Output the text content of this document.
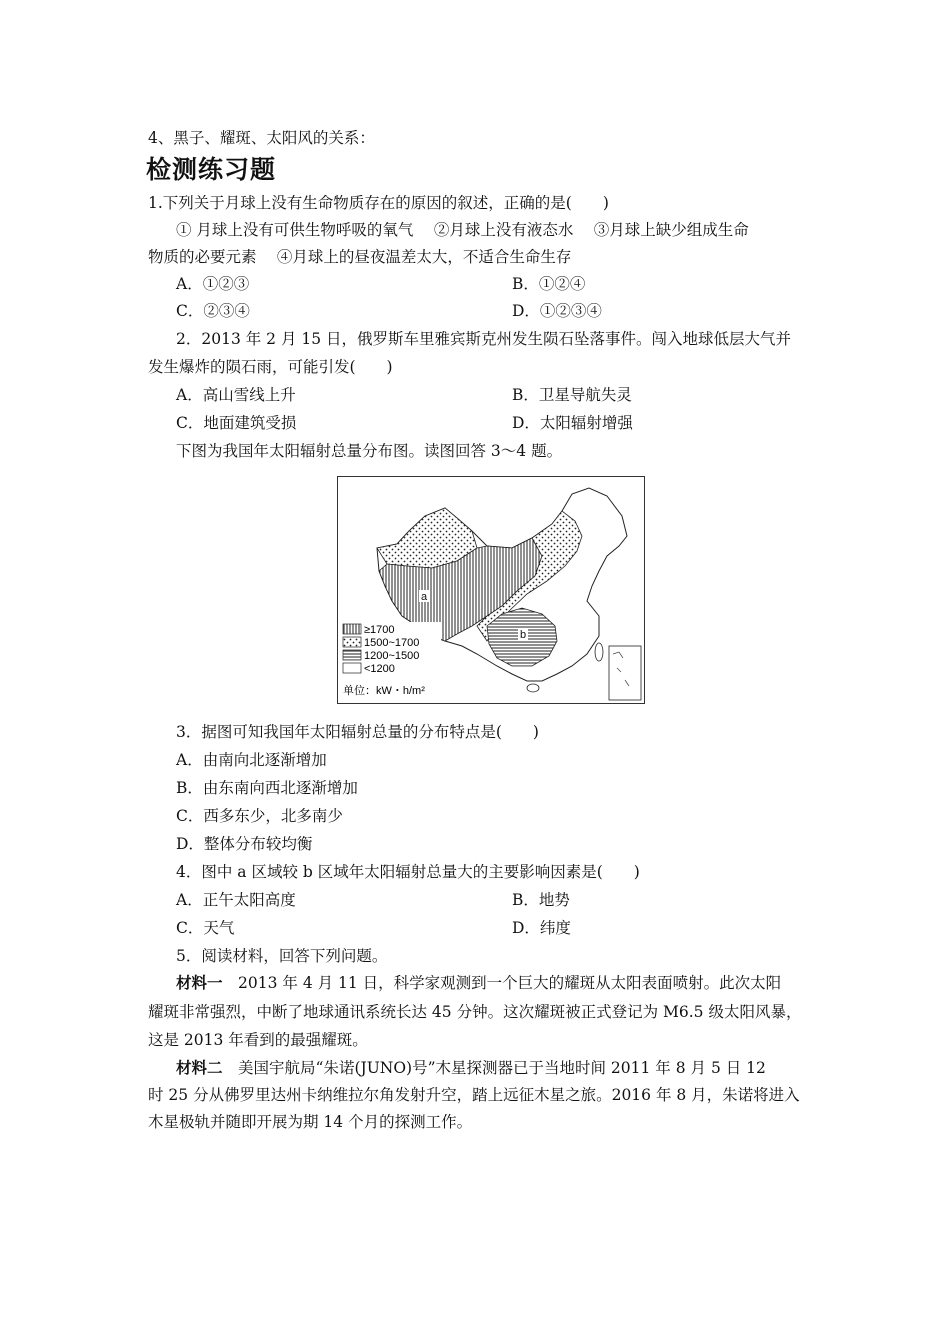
4、黑子、耀斑、太阳风的关系：
检测练习题
1.下列关于月球上没有生命物质存在的原因的叙述，正确的是(　　)
① 月球上没有可供生物呼吸的氧气　 ②月球上没有液态水　 ③月球上缺少组成生命
物质的必要元素　 ④月球上的昼夜温差太大，不适合生命生存
A．①②③	B．①②④
C．②③④	D．①②③④
2．2013 年 2 月 15 日，俄罗斯车里雅宾斯克州发生陨石坠落事件。闯入地球低层大气并
发生爆炸的陨石雨，可能引发(　　)
A．高山雪线上升	B．卫星导航失灵
C．地面建筑受损	D．太阳辐射增强
下图为我国年太阳辐射总量分布图。读图回答 3～4 题。
a
b
≥1700
1500~1700
1200~1500
<1200
单位：kW・h/m²
3．据图可知我国年太阳辐射总量的分布特点是(　　)
A．由南向北逐渐增加
B．由东南向西北逐渐增加
C．西多东少，北多南少
D．整体分布较均衡
4．图中 a 区域较 b 区域年太阳辐射总量大的主要影响因素是(　　)
A．正午太阳高度	B．地势
C．天气	D．纬度
5．阅读材料，回答下列问题。
材料一　2013 年 4 月 11 日，科学家观测到一个巨大的耀斑从太阳表面喷射。此次太阳
耀斑非常强烈，中断了地球通讯系统长达 45 分钟。这次耀斑被正式登记为 M6.5 级太阳风暴，
这是 2013 年看到的最强耀斑。
材料二　美国宇航局“朱诺(JUNO)号”木星探测器已于当地时间 2011 年 8 月 5 日 12
时 25 分从佛罗里达州卡纳维拉尔角发射升空，踏上远征木星之旅。2016 年 8 月，朱诺将进入
木星极轨并随即开展为期 14 个月的探测工作。
